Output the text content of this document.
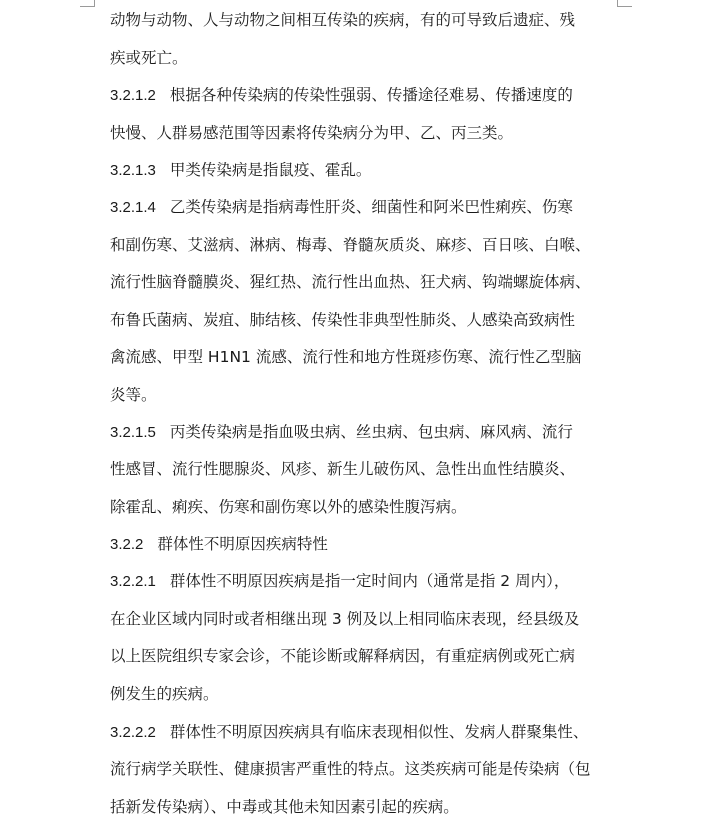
动物与动物、人与动物之间相互传染的疾病，有的可导致后遗症、残
疾或死亡。
3.2.1.2 根据各种传染病的传染性强弱、传播途径难易、传播速度的
快慢、人群易感范围等因素将传染病分为甲、乙、丙三类。
3.2.1.3 甲类传染病是指鼠疫、霍乱。
3.2.1.4 乙类传染病是指病毒性肝炎、细菌性和阿米巴性痢疾、伤寒
和副伤寒、艾滋病、淋病、梅毒、脊髓灰质炎、麻疹、百日咳、白喉、
流行性脑脊髓膜炎、猩红热、流行性出血热、狂犬病、钩端螺旋体病、
布鲁氏菌病、炭疽、肺结核、传染性非典型性肺炎、人感染高致病性
禽流感、甲型 H1N1 流感、流行性和地方性斑疹伤寒、流行性乙型脑
炎等。
3.2.1.5 丙类传染病是指血吸虫病、丝虫病、包虫病、麻风病、流行
性感冒、流行性腮腺炎、风疹、新生儿破伤风、急性出血性结膜炎、
除霍乱、痢疾、伤寒和副伤寒以外的感染性腹泻病。
3.2.2 群体性不明原因疾病特性
3.2.2.1 群体性不明原因疾病是指一定时间内（通常是指 2 周内），
在企业区域内同时或者相继出现 3 例及以上相同临床表现，经县级及
以上医院组织专家会诊，不能诊断或解释病因，有重症病例或死亡病
例发生的疾病。
3.2.2.2 群体性不明原因疾病具有临床表现相似性、发病人群聚集性、
流行病学关联性、健康损害严重性的特点。这类疾病可能是传染病（包
括新发传染病）、中毒或其他未知因素引起的疾病。
